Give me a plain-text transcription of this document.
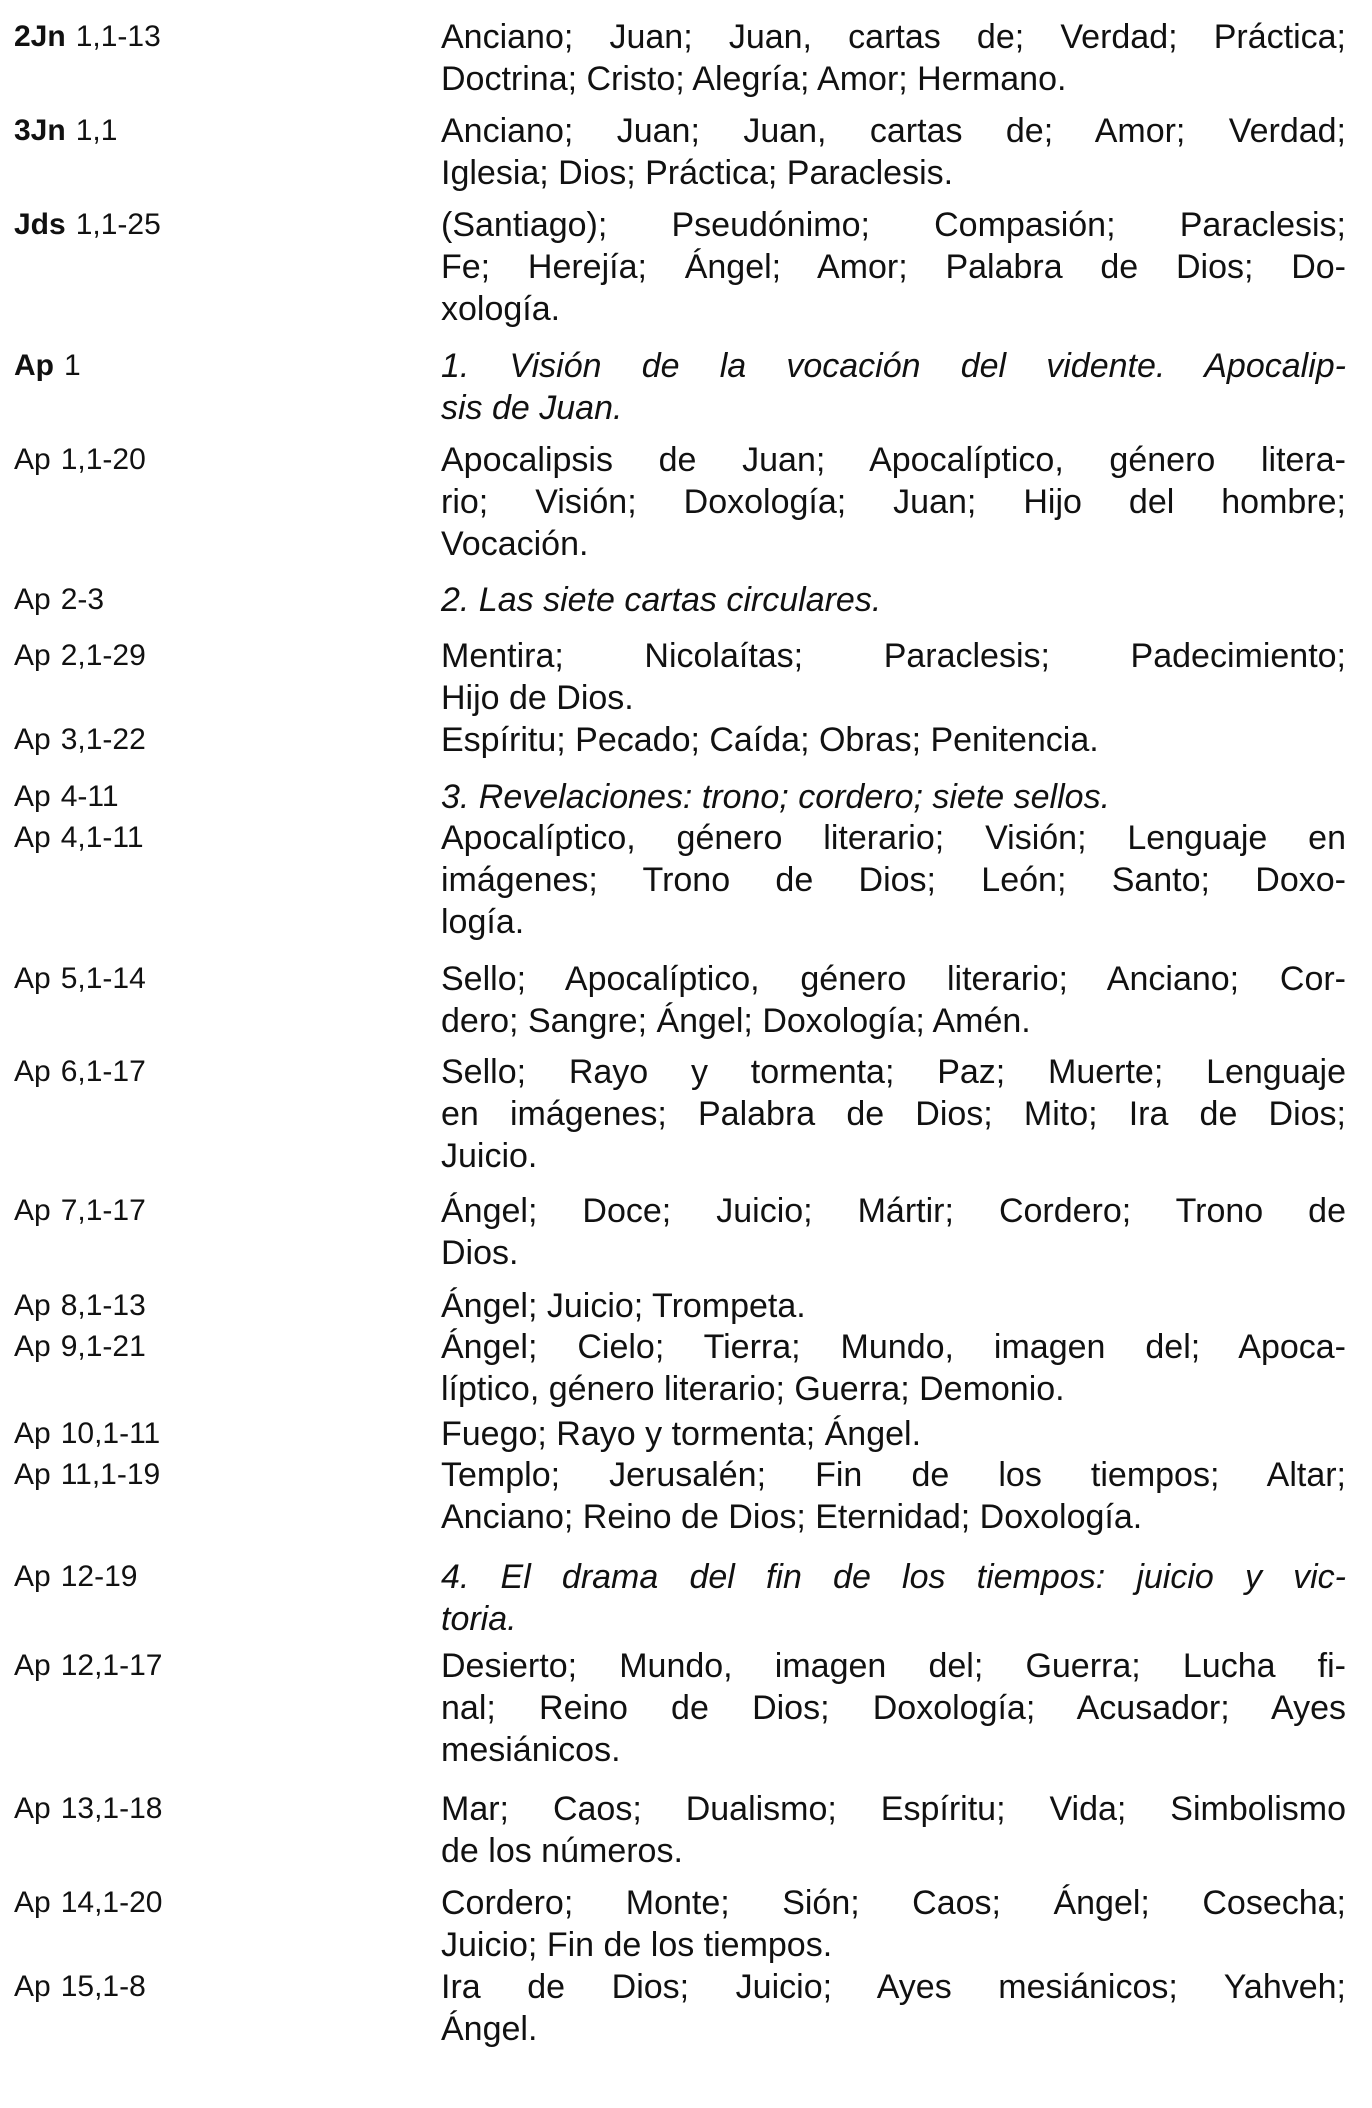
2Jn 1,1-13	Anciano; Juan; Juan, cartas de; Verdad; Práctica;
Doctrina; Cristo; Alegría; Amor; Hermano.
3Jn 1,1	Anciano; Juan; Juan, cartas de; Amor; Verdad;
Iglesia; Dios; Práctica; Paraclesis.
Jds 1,1-25	(Santiago); Pseudónimo; Compasión; Paraclesis;
Fe; Herejía; Ángel; Amor; Palabra de Dios; Do-
xología.
Ap 1	1. Visión de la vocación del vidente. Apocalip-
sis de Juan.
Ap 1,1-20	Apocalipsis de Juan; Apocalíptico, género litera-
rio; Visión; Doxología; Juan; Hijo del hombre;
Vocación.
Ap 2-3	2. Las siete cartas circulares.
Ap 2,1-29	Mentira; Nicolaítas; Paraclesis; Padecimiento;
Hijo de Dios.
Ap 3,1-22	Espíritu; Pecado; Caída; Obras; Penitencia.
Ap 4-11	3. Revelaciones: trono; cordero; siete sellos.
Ap 4,1-11	Apocalíptico, género literario; Visión; Lenguaje en
imágenes; Trono de Dios; León; Santo; Doxo-
logía.
Ap 5,1-14	Sello; Apocalíptico, género literario; Anciano; Cor-
dero; Sangre; Ángel; Doxología; Amén.
Ap 6,1-17	Sello; Rayo y tormenta; Paz; Muerte; Lenguaje
en imágenes; Palabra de Dios; Mito; Ira de Dios;
Juicio.
Ap 7,1-17	Ángel; Doce; Juicio; Mártir; Cordero; Trono de
Dios.
Ap 8,1-13	Ángel; Juicio; Trompeta.
Ap 9,1-21	Ángel; Cielo; Tierra; Mundo, imagen del; Apoca-
líptico, género literario; Guerra; Demonio.
Ap 10,1-11	Fuego; Rayo y tormenta; Ángel.
Ap 11,1-19	Templo; Jerusalén; Fin de los tiempos; Altar;
Anciano; Reino de Dios; Eternidad; Doxología.
Ap 12-19	4. El drama del fin de los tiempos: juicio y vic-
toria.
Ap 12,1-17	Desierto; Mundo, imagen del; Guerra; Lucha fi-
nal; Reino de Dios; Doxología; Acusador; Ayes
mesiánicos.
Ap 13,1-18	Mar; Caos; Dualismo; Espíritu; Vida; Simbolismo
de los números.
Ap 14,1-20	Cordero; Monte; Sión; Caos; Ángel; Cosecha;
Juicio; Fin de los tiempos.
Ap 15,1-8	Ira de Dios; Juicio; Ayes mesiánicos; Yahveh;
Ángel.
